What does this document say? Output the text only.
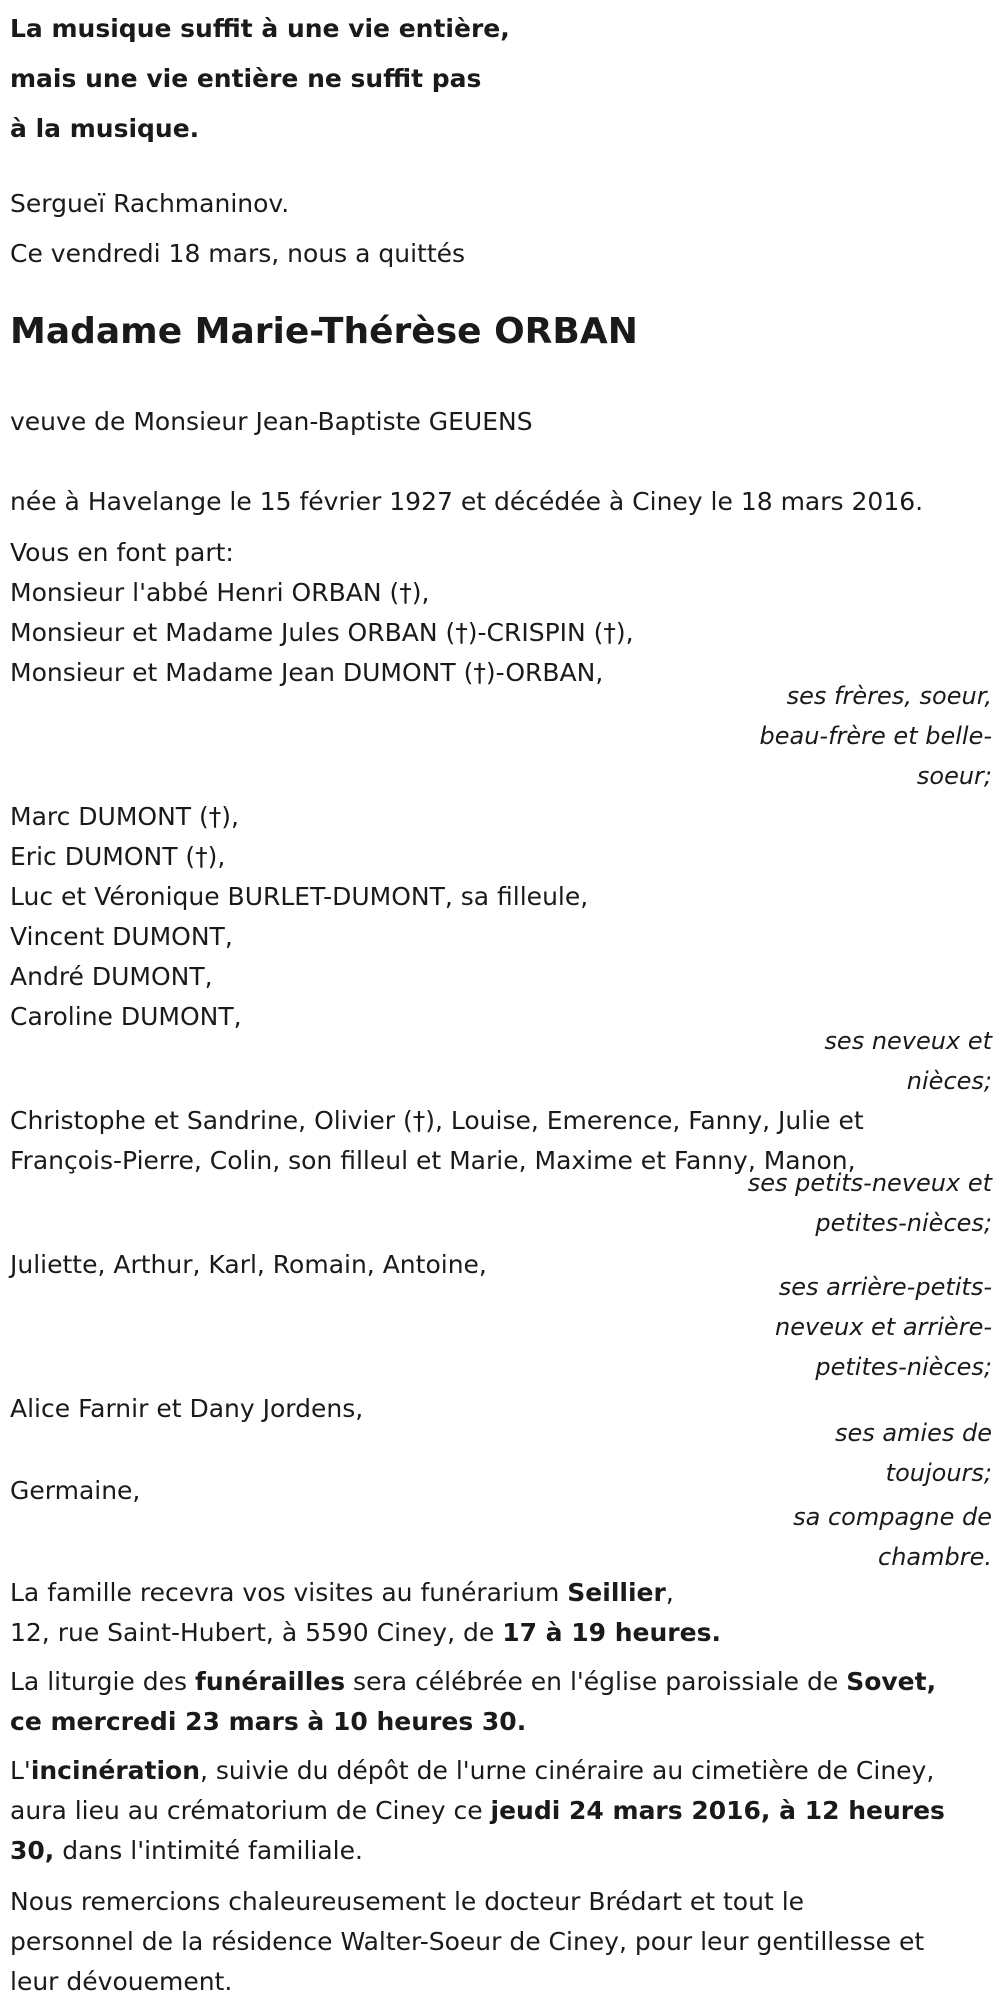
La musique suffit à une vie entière,
mais une vie entière ne suffit pas
à la musique.
Sergueï Rachmaninov.
Ce vendredi 18 mars, nous a quittés
Madame Marie-Thérèse ORBAN
veuve de Monsieur Jean-Baptiste GEUENS
née à Havelange le 15 février 1927 et décédée à Ciney le 18 mars 2016.
Vous en font part:
Monsieur l'abbé Henri ORBAN (†),
Monsieur et Madame Jules ORBAN (†)-CRISPIN (†),
Monsieur et Madame Jean DUMONT (†)-ORBAN,
ses frères, soeur,
beau-frère et belle-
soeur;
Marc DUMONT (†),
Eric DUMONT (†),
Luc et Véronique BURLET-DUMONT, sa filleule,
Vincent DUMONT,
André DUMONT,
Caroline DUMONT,
ses neveux et
nièces;
Christophe et Sandrine, Olivier (†), Louise, Emerence, Fanny, Julie et
François-Pierre, Colin, son filleul et Marie, Maxime et Fanny, Manon,
ses petits-neveux et
petites-nièces;
Juliette, Arthur, Karl, Romain, Antoine,
ses arrière-petits-
neveux et arrière-
petites-nièces;
Alice Farnir et Dany Jordens,
ses amies de
toujours;
Germaine,
sa compagne de
chambre.
La famille recevra vos visites au funérarium Seillier,
12, rue Saint-Hubert, à 5590 Ciney, de 17 à 19 heures.
La liturgie des funérailles sera célébrée en l'église paroissiale de Sovet,
ce mercredi 23 mars à 10 heures 30.
L'incinération, suivie du dépôt de l'urne cinéraire au cimetière de Ciney,
aura lieu au crématorium de Ciney ce jeudi 24 mars 2016, à 12 heures
30, dans l'intimité familiale.
Nous remercions chaleureusement le docteur Brédart et tout le
personnel de la résidence Walter-Soeur de Ciney, pour leur gentillesse et
leur dévouement.
